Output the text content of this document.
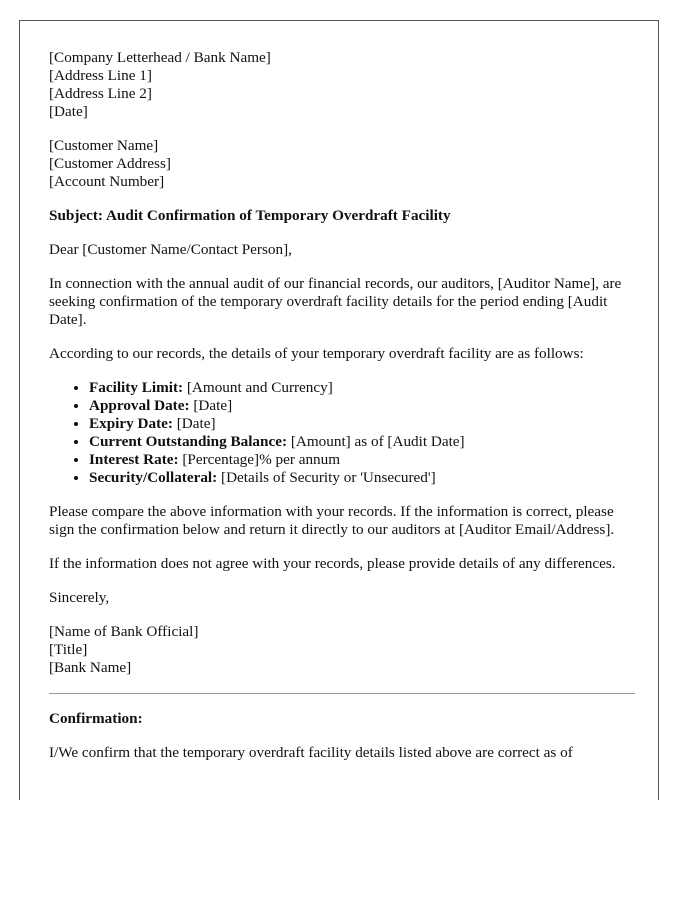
[Company Letterhead / Bank Name]
[Address Line 1]
[Address Line 2]
[Date]
[Customer Name]
[Customer Address]
[Account Number]
Subject: Audit Confirmation of Temporary Overdraft Facility

Dear [Customer Name/Contact Person],

In connection with the annual audit of our financial records, our auditors, [Auditor Name], are seeking confirmation of the temporary overdraft facility details for the period ending [Audit Date].

According to our records, the details of your temporary overdraft facility are as follows:

• Facility Limit: [Amount and Currency]
• Approval Date: [Date]
• Expiry Date: [Date]
• Current Outstanding Balance: [Amount] as of [Audit Date]
• Interest Rate: [Percentage]% per annum
• Security/Collateral: [Details of Security or 'Unsecured']

Please compare the above information with your records. If the information is correct, please sign the confirmation below and return it directly to our auditors at [Auditor Email/Address].

If the information does not agree with your records, please provide details of any differences.

Sincerely,

[Name of Bank Official]
[Title]
[Bank Name]
Confirmation:

I/We confirm that the temporary overdraft facility details listed above are correct as of
